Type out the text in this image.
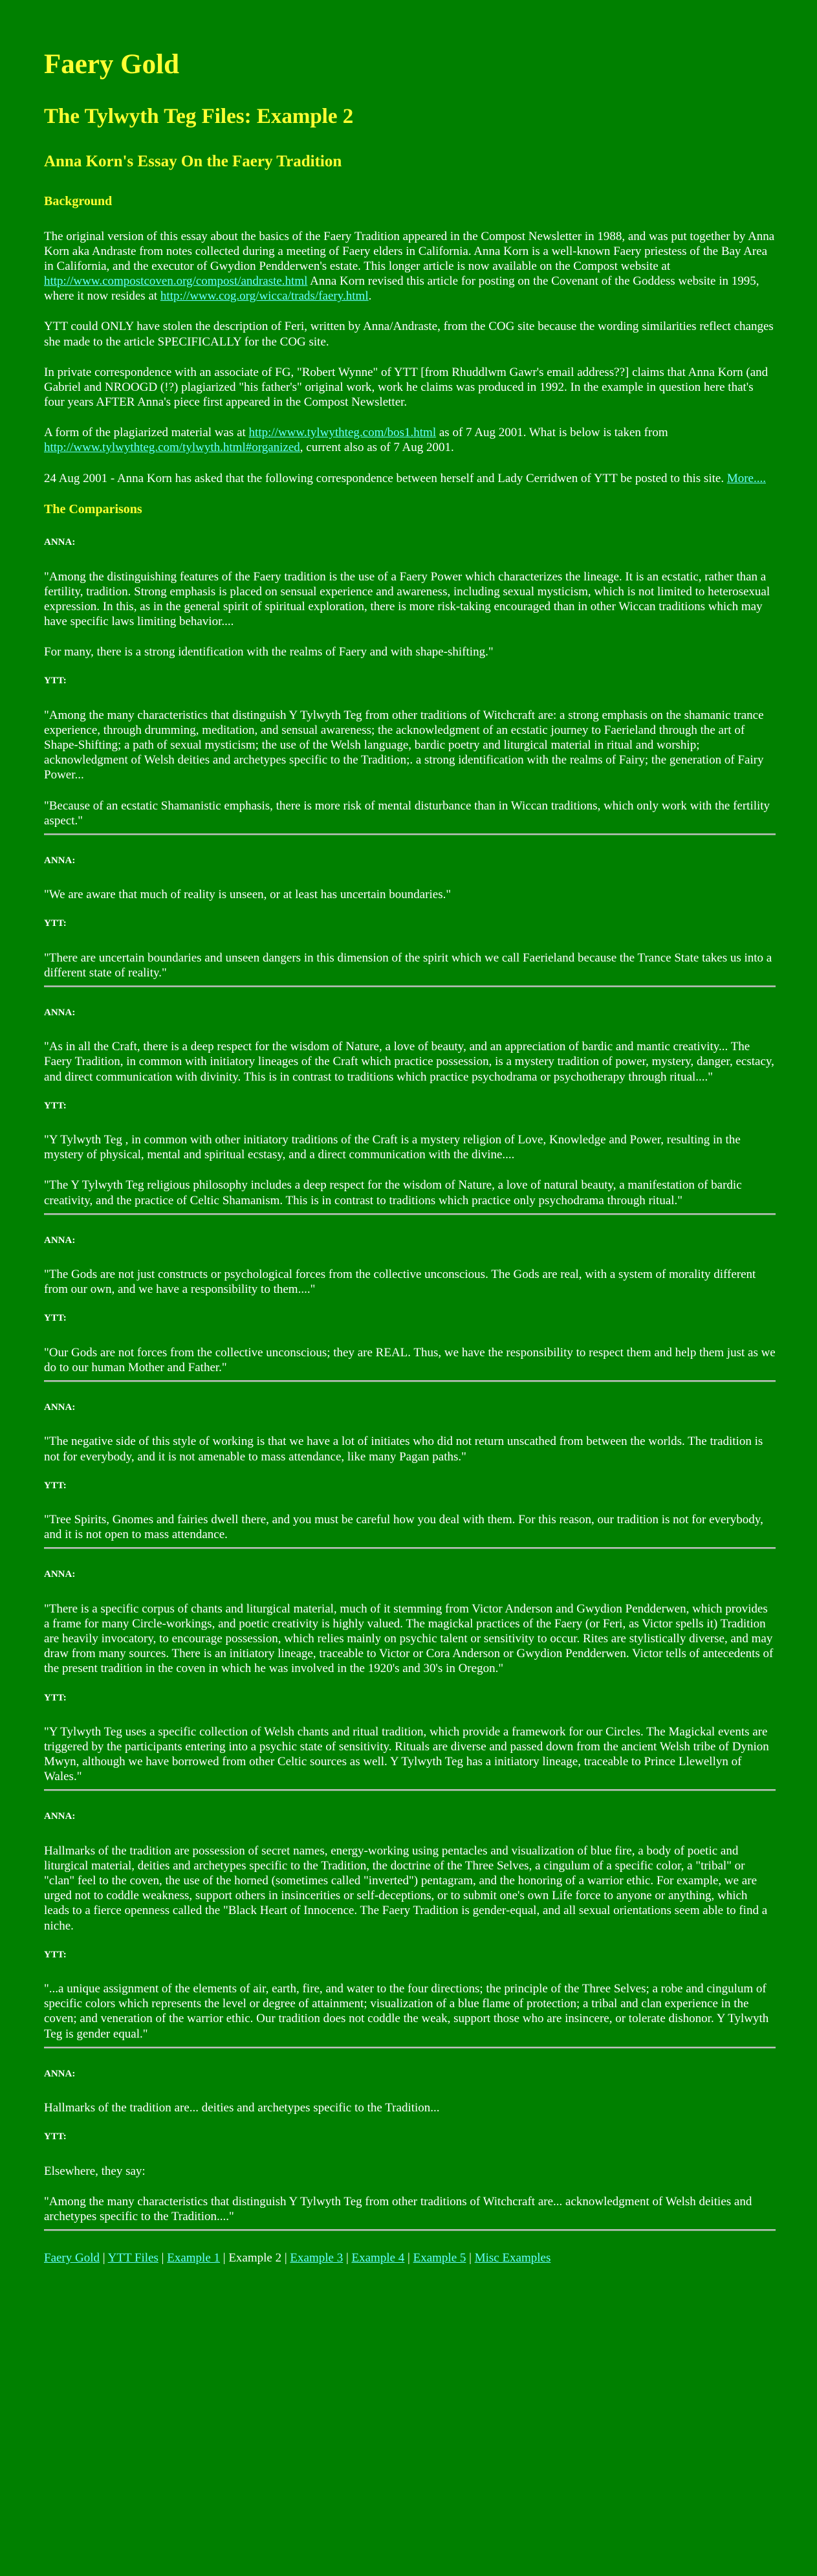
Faery Gold
The Tylwyth Teg Files: Example 2
Anna Korn's Essay On the Faery Tradition
Background

The original version of this essay about the basics of the Faery Tradition appeared in the Compost Newsletter in 1988, and was put together by Anna Korn aka Andraste from notes collected during a meeting of Faery elders in California. Anna Korn is a well-known Faery priestess of the Bay Area in California, and the executor of Gwydion Pendderwen's estate. This longer article is now available on the Compost website at http://www.compostcoven.org/compost/andraste.html Anna Korn revised this article for posting on the Covenant of the Goddess website in 1995, where it now resides at http://www.cog.org/wicca/trads/faery.html.

YTT could ONLY have stolen the description of Feri, written by Anna/Andraste, from the COG site because the wording similarities reflect changes she made to the article SPECIFICALLY for the COG site.

In private correspondence with an associate of FG, "Robert Wynne" of YTT [from Rhuddlwm Gawr's email address??] claims that Anna Korn (and Gabriel and NROOGD (!?) plagiarized "his father's" original work, work he claims was produced in 1992. In the example in question here that's four years AFTER Anna's piece first appeared in the Compost Newsletter.

A form of the plagiarized material was at http://www.tylwythteg.com/bos1.html as of 7 Aug 2001. What is below is taken from http://www.tylwythteg.com/tylwyth.html#organized, current also as of 7 Aug 2001.

24 Aug 2001 - Anna Korn has asked that the following correspondence between herself and Lady Cerridwen of YTT be posted to this site. More....

The Comparisons
ANNA:

"Among the distinguishing features of the Faery tradition is the use of a Faery Power which characterizes the lineage. It is an ecstatic, rather than a fertility, tradition. Strong emphasis is placed on sensual experience and awareness, including sexual mysticism, which is not limited to heterosexual expression. In this, as in the general spirit of spiritual exploration, there is more risk-taking encouraged than in other Wiccan traditions which may have specific laws limiting behavior....

For many, there is a strong identification with the realms of Faery and with shape-shifting."

YTT:

"Among the many characteristics that distinguish Y Tylwyth Teg from other traditions of Witchcraft are: a strong emphasis on the shamanic trance experience, through drumming, meditation, and sensual awareness; the acknowledgment of an ecstatic journey to Faerieland through the art of Shape-Shifting; a path of sexual mysticism; the use of the Welsh language, bardic poetry and liturgical material in ritual and worship; acknowledgment of Welsh deities and archetypes specific to the Tradition;. a strong identification with the realms of Fairy; the generation of Fairy Power...

"Because of an ecstatic Shamanistic emphasis, there is more risk of mental disturbance than in Wiccan traditions, which only work with the fertility aspect."

ANNA:

"We are aware that much of reality is unseen, or at least has uncertain boundaries."

YTT:

"There are uncertain boundaries and unseen dangers in this dimension of the spirit which we call Faerieland because the Trance State takes us into a different state of reality."

ANNA:

"As in all the Craft, there is a deep respect for the wisdom of Nature, a love of beauty, and an appreciation of bardic and mantic creativity... The Faery Tradition, in common with initiatory lineages of the Craft which practice possession, is a mystery tradition of power, mystery, danger, ecstacy, and direct communication with divinity. This is in contrast to traditions which practice psychodrama or psychotherapy through ritual...."

YTT:

"Y Tylwyth Teg , in common with other initiatory traditions of the Craft is a mystery religion of Love, Knowledge and Power, resulting in the mystery of physical, mental and spiritual ecstasy, and a direct communication with the divine....

"The Y Tylwyth Teg religious philosophy includes a deep respect for the wisdom of Nature, a love of natural beauty, a manifestation of bardic creativity, and the practice of Celtic Shamanism. This is in contrast to traditions which practice only psychodrama through ritual."

ANNA:

"The Gods are not just constructs or psychological forces from the collective unconscious. The Gods are real, with a system of morality different from our own, and we have a responsibility to them...."

YTT:

"Our Gods are not forces from the collective unconscious; they are REAL. Thus, we have the responsibility to respect them and help them just as we do to our human Mother and Father."

ANNA:

"The negative side of this style of working is that we have a lot of initiates who did not return unscathed from between the worlds. The tradition is not for everybody, and it is not amenable to mass attendance, like many Pagan paths."

YTT:

"Tree Spirits, Gnomes and fairies dwell there, and you must be careful how you deal with them. For this reason, our tradition is not for everybody, and it is not open to mass attendance.

ANNA:

"There is a specific corpus of chants and liturgical material, much of it stemming from Victor Anderson and Gwydion Pendderwen, which provides a frame for many Circle-workings, and poetic creativity is highly valued. The magickal practices of the Faery (or Feri, as Victor spells it) Tradition are heavily invocatory, to encourage possession, which relies mainly on psychic talent or sensitivity to occur. Rites are stylistically diverse, and may draw from many sources. There is an initiatory lineage, traceable to Victor or Cora Anderson or Gwydion Pendderwen. Victor tells of antecedents of the present tradition in the coven in which he was involved in the 1920's and 30's in Oregon."

YTT:

"Y Tylwyth Teg uses a specific collection of Welsh chants and ritual tradition, which provide a framework for our Circles. The Magickal events are triggered by the participants entering into a psychic state of sensitivity. Rituals are diverse and passed down from the ancient Welsh tribe of Dynion Mwyn, although we have borrowed from other Celtic sources as well. Y Tylwyth Teg has a initiatory lineage, traceable to Prince Llewellyn of Wales."

ANNA:

Hallmarks of the tradition are possession of secret names, energy-working using pentacles and visualization of blue fire, a body of poetic and liturgical material, deities and archetypes specific to the Tradition, the doctrine of the Three Selves, a cingulum of a specific color, a "tribal" or "clan" feel to the coven, the use of the horned (sometimes called "inverted") pentagram, and the honoring of a warrior ethic. For example, we are urged not to coddle weakness, support others in insincerities or self-deceptions, or to submit one's own Life force to anyone or anything, which leads to a fierce openness called the "Black Heart of Innocence. The Faery Tradition is gender-equal, and all sexual orientations seem able to find a niche.

YTT:

"...a unique assignment of the elements of air, earth, fire, and water to the four directions; the principle of the Three Selves; a robe and cingulum of specific colors which represents the level or degree of attainment; visualization of a blue flame of protection; a tribal and clan experience in the coven; and veneration of the warrior ethic. Our tradition does not coddle the weak, support those who are insincere, or tolerate dishonor. Y Tylwyth Teg is gender equal."

ANNA:

Hallmarks of the tradition are... deities and archetypes specific to the Tradition...

YTT:

Elsewhere, they say:

"Among the many characteristics that distinguish Y Tylwyth Teg from other traditions of Witchcraft are... acknowledgment of Welsh deities and archetypes specific to the Tradition...."

Faery Gold | YTT Files | Example 1 | Example 2 | Example 3 | Example 4 | Example 5 | Misc Examples
